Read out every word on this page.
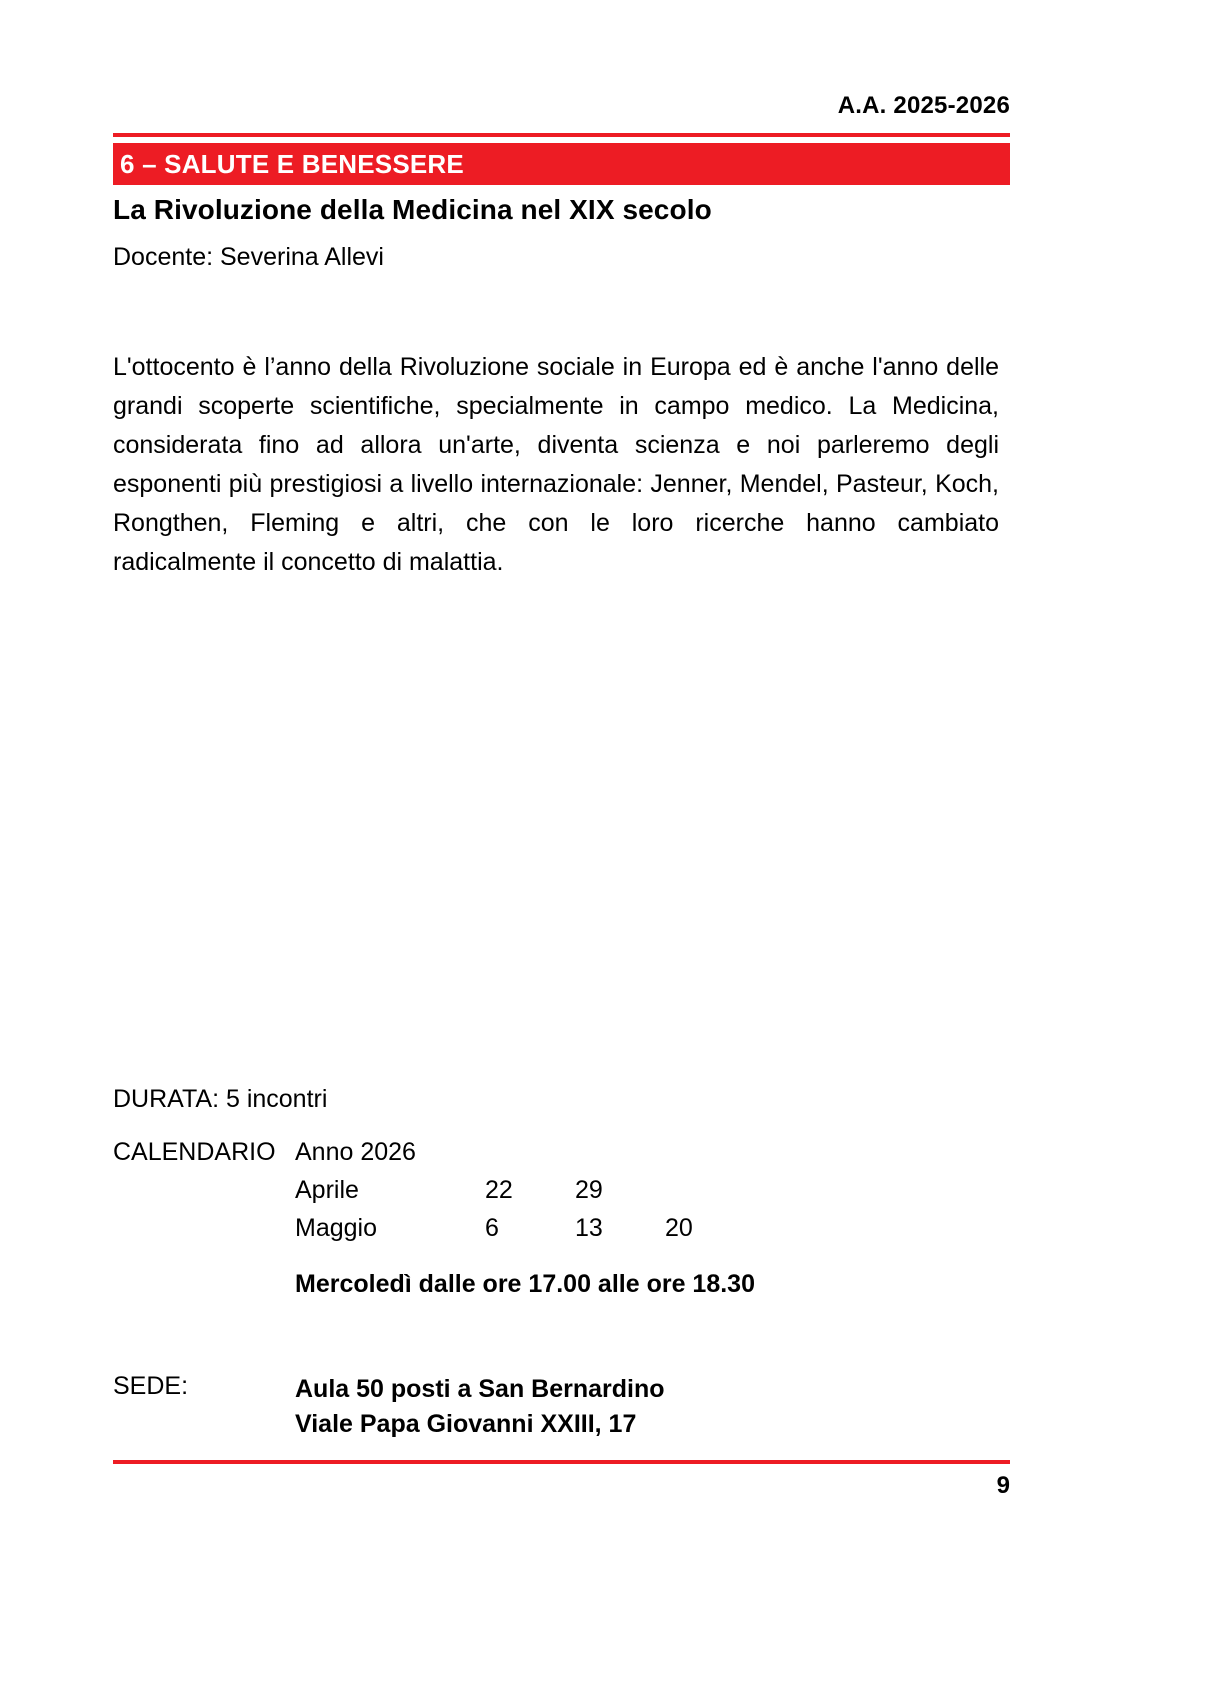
A.A. 2025-2026
6 – SALUTE E BENESSERE
La Rivoluzione della Medicina nel XIX secolo
Docente: Severina Allevi
L'ottocento è l’anno della Rivoluzione sociale in Europa ed è anche l'anno delle grandi scoperte scientifiche, specialmente in campo medico. La Medicina, considerata fino ad allora un'arte, diventa scienza e noi parleremo degli esponenti più prestigiosi a livello internazionale: Jenner, Mendel, Pasteur, Koch, Rongthen, Fleming e altri, che con le loro ricerche hanno cambiato radicalmente il concetto di malattia.
DURATA: 5 incontri
CALENDARIO Anno 2026
Aprile	22	29
Maggio	6	13	20
Mercoledì dalle ore 17.00 alle ore 18.30
SEDE:	Aula 50 posti a San Bernardino
Viale Papa Giovanni XXIII, 17
9
